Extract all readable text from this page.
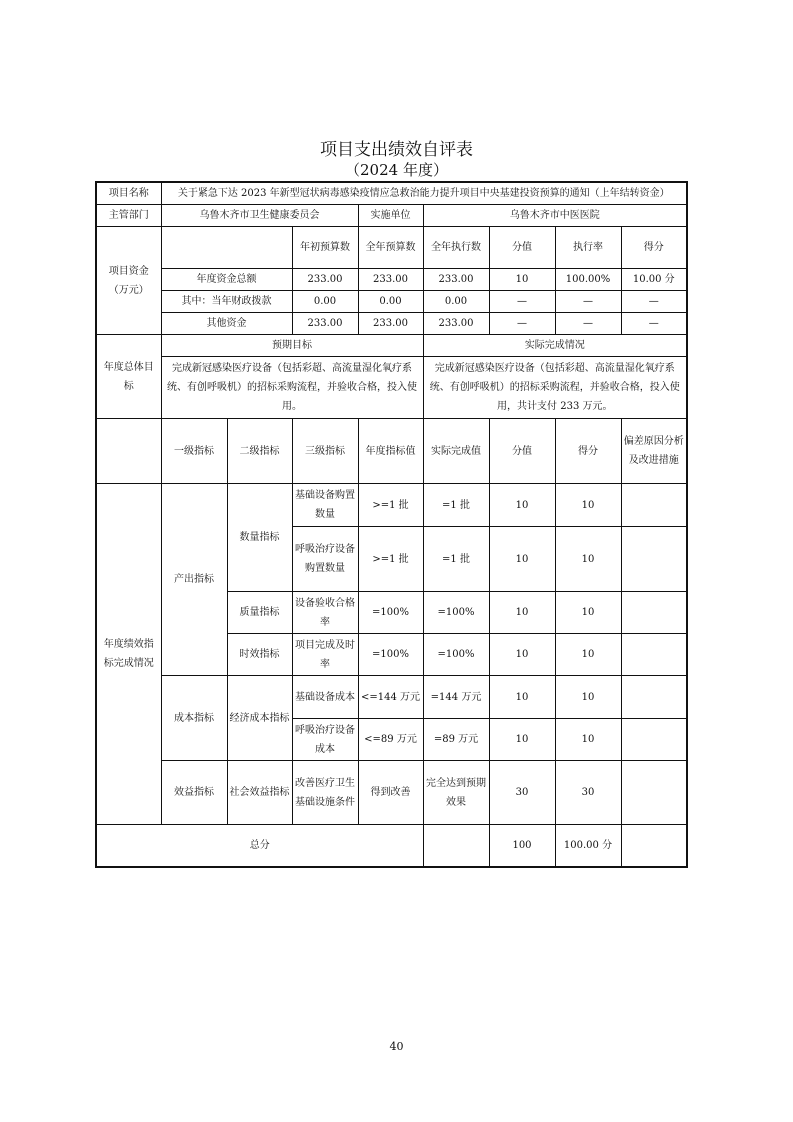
项目支出绩效自评表
（2024 年度）
项目名称	关于紧急下达 2023 年新型冠状病毒感染疫情应急救治能力提升项目中央基建投资预算的通知（上年结转资金）							
主管部门	乌鲁木齐市卫生健康委员会			实施单位	乌鲁木齐市中医医院			
项目资金（万元）			年初预算数	全年预算数	全年执行数	分值	执行率	得分
	年度资金总额		233.00	233.00	233.00	10	100.00%	10.00 分
	其中：当年财政拨款		0.00	0.00	0.00	—	—	—
	其他资金		233.00	233.00	233.00	—	—	—
年度总体目标	预期目标				实际完成情况			
	完成新冠感染医疗设备（包括彩超、高流量湿化氧疗系统、有创呼吸机）的招标采购流程，并验收合格，投入使用。				完成新冠感染医疗设备（包括彩超、高流量湿化氧疗系统、有创呼吸机）的招标采购流程，并验收合格，投入使用，共计支付 233 万元。			
	一级指标	二级指标	三级指标	年度指标值	实际完成值	分值	得分	偏差原因分析及改进措施
年度绩效指标完成情况	产出指标	数量指标	基础设备购置数量	>=1 批	=1 批	10	10	
			呼吸治疗设备购置数量	>=1 批	=1 批	10	10	
		质量指标	设备验收合格率	=100%	=100%	10	10	
		时效指标	项目完成及时率	=100%	=100%	10	10	
	成本指标	经济成本指标	基础设备成本	<=144 万元	=144 万元	10	10	
			呼吸治疗设备成本	<=89 万元	=89 万元	10	10	
	效益指标	社会效益指标	改善医疗卫生基础设施条件	得到改善	完全达到预期效果	30	30	
总分						100	100.00 分	
40
